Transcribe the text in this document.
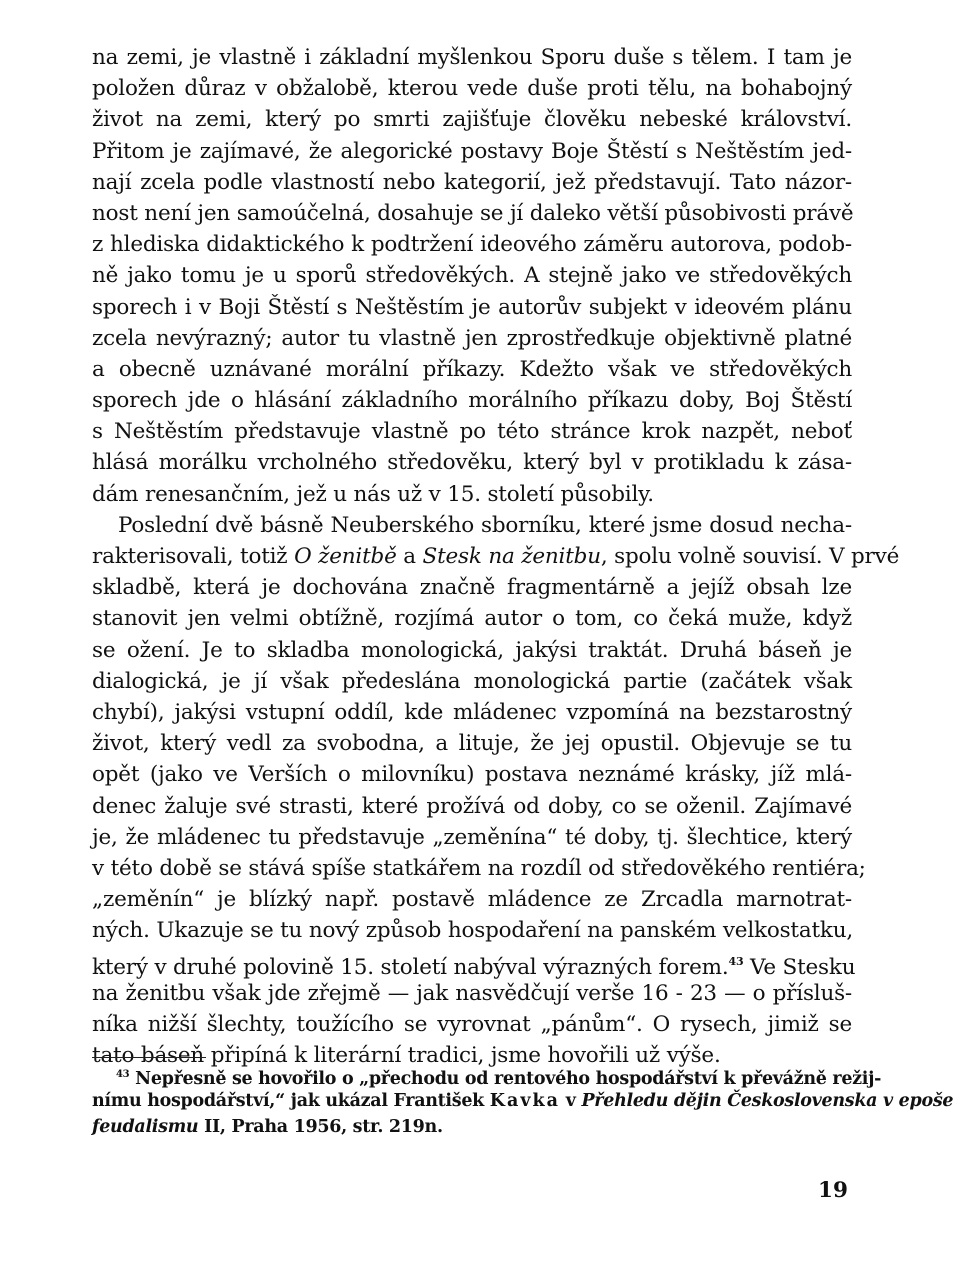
na zemi, je vlastně i základní myšlenkou Sporu duše s tělem. I tam je
položen důraz v obžalobě, kterou vede duše proti tělu, na bohabojný
život na zemi, který po smrti zajišťuje člověku nebeské království.
Přitom je zajímavé, že alegorické postavy Boje Štěstí s Neštěstím jed-
nají zcela podle vlastností nebo kategorií, jež představují. Tato názor-
nost není jen samoúčelná, dosahuje se jí daleko větší působivosti právě
z hlediska didaktického k podtržení ideového záměru autorova, podob-
ně jako tomu je u sporů středověkých. A stejně jako ve středověkých
sporech i v Boji Štěstí s Neštěstím je autorův subjekt v ideovém plánu
zcela nevýrazný; autor tu vlastně jen zprostředkuje objektivně platné
a obecně uznávané morální příkazy. Kdežto však ve středověkých
sporech jde o hlásání základního morálního příkazu doby, Boj Štěstí
s Neštěstím představuje vlastně po této stránce krok nazpět, neboť
hlásá morálku vrcholného středověku, který byl v protikladu k zása-
dám renesančním, jež u nás už v 15. století působily.

Poslední dvě básně Neuberského sborníku, které jsme dosud necha-
rakterisovali, totiž O ženitbě a Stesk na ženitbu, spolu volně souvisí. V prvé
skladbě, která je dochována značně fragmentárně a jejíž obsah lze
stanovit jen velmi obtížně, rozjímá autor o tom, co čeká muže, když
se ožení. Je to skladba monologická, jakýsi traktát. Druhá báseň je
dialogická, je jí však předeslána monologická partie (začátek však
chybí), jakýsi vstupní oddíl, kde mládenec vzpomíná na bezstarostný
život, který vedl za svobodna, a lituje, že jej opustil. Objevuje se tu
opět (jako ve Verších o milovníku) postava neznámé krásky, jíž mlá-
denec žaluje své strasti, které prožívá od doby, co se oženil. Zajímavé
je, že mládenec tu představuje „zeměnína“ té doby, tj. šlechtice, který
v této době se stává spíše statkářem na rozdíl od středověkého rentiéra;
„zeměnín“ je blízký např. postavě mládence ze Zrcadla marnotrat-
ných. Ukazuje se tu nový způsob hospodaření na panském velkostatku,
který v druhé polovině 15. století nabýval výrazných forem.$^{43}$ Ve Stesku
na ženitbu však jde zřejmě — jak nasvědčují verše 16 - 23 — o přísluš-
níka nižší šlechty, toužícího se vyrovnat „pánům“. O rysech, jimiž se
tato báseň připíná k literární tradici, jsme hovořili už výše.

$^{43}$ Nepřesně se hovořilo o „přechodu od rentového hospodářství k převážně režij-
nímu hospodářství,“ jak ukázal František Kavka v Přehledu dějin Československa v epoše
feudalismu II, Praha 1956, str. 219n.
19
